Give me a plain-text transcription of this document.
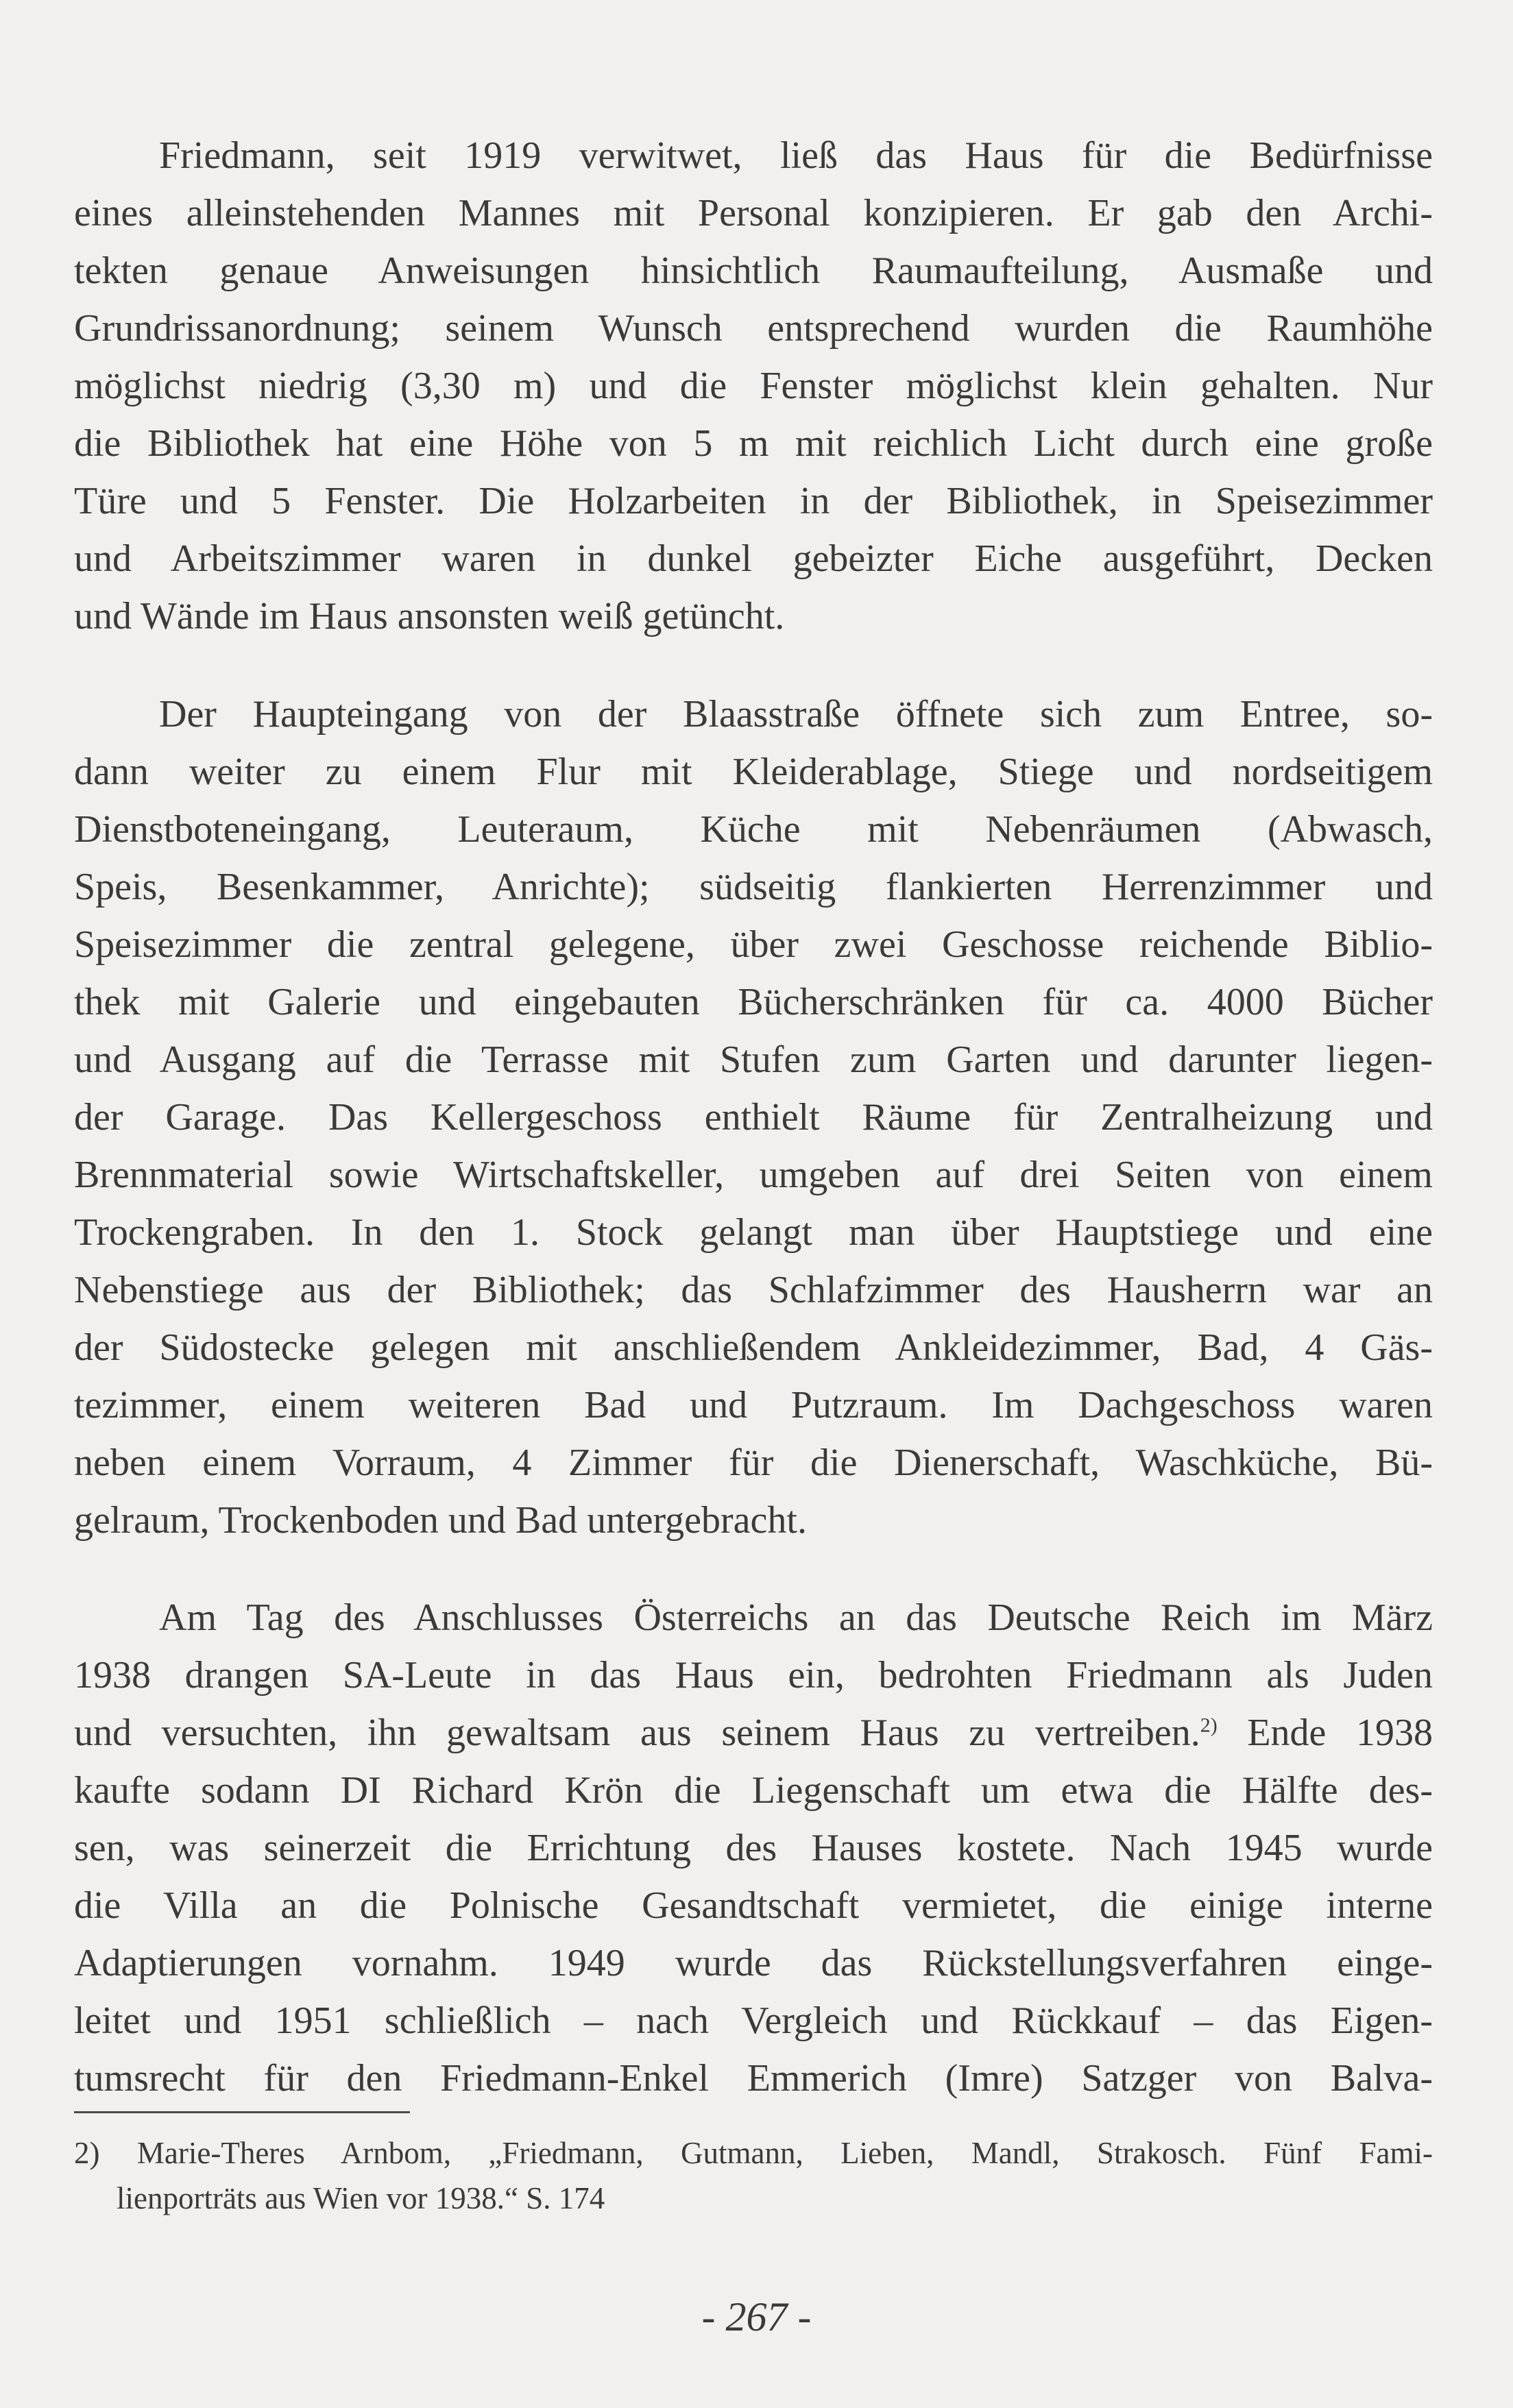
Friedmann, seit 1919 verwitwet, ließ das Haus für die Bedürfnisse
eines alleinstehenden Mannes mit Personal konzipieren. Er gab den Archi-
tekten genaue Anweisungen hinsichtlich Raumaufteilung, Ausmaße und
Grundrissanordnung; seinem Wunsch entsprechend wurden die Raumhöhe
möglichst niedrig (3,30 m) und die Fenster möglichst klein gehalten. Nur
die Bibliothek hat eine Höhe von 5 m mit reichlich Licht durch eine große
Türe und 5 Fenster. Die Holzarbeiten in der Bibliothek, in Speisezimmer
und Arbeitszimmer waren in dunkel gebeizter Eiche ausgeführt, Decken
und Wände im Haus ansonsten weiß getüncht.
Der Haupteingang von der Blaasstraße öffnete sich zum Entree, so-
dann weiter zu einem Flur mit Kleiderablage, Stiege und nordseitigem
Dienstboteneingang, Leuteraum, Küche mit Nebenräumen (Abwasch,
Speis, Besenkammer, Anrichte); südseitig flankierten Herrenzimmer und
Speisezimmer die zentral gelegene, über zwei Geschosse reichende Biblio-
thek mit Galerie und eingebauten Bücherschränken für ca. 4000 Bücher
und Ausgang auf die Terrasse mit Stufen zum Garten und darunter liegen-
der Garage. Das Kellergeschoss enthielt Räume für Zentralheizung und
Brennmaterial sowie Wirtschaftskeller, umgeben auf drei Seiten von einem
Trockengraben. In den 1. Stock gelangt man über Hauptstiege und eine
Nebenstiege aus der Bibliothek; das Schlafzimmer des Hausherrn war an
der Südostecke gelegen mit anschließendem Ankleidezimmer, Bad, 4 Gäs-
tezimmer, einem weiteren Bad und Putzraum. Im Dachgeschoss waren
neben einem Vorraum, 4 Zimmer für die Dienerschaft, Waschküche, Bü-
gelraum, Trockenboden und Bad untergebracht.
Am Tag des Anschlusses Österreichs an das Deutsche Reich im März
1938 drangen SA-Leute in das Haus ein, bedrohten Friedmann als Juden
und versuchten, ihn gewaltsam aus seinem Haus zu vertreiben.$^{2)}$ Ende 1938
kaufte sodann DI Richard Krön die Liegenschaft um etwa die Hälfte des-
sen, was seinerzeit die Errichtung des Hauses kostete. Nach 1945 wurde
die Villa an die Polnische Gesandtschaft vermietet, die einige interne
Adaptierungen vornahm. 1949 wurde das Rückstellungsverfahren einge-
leitet und 1951 schließlich – nach Vergleich und Rückkauf – das Eigen-
tumsrecht für den Friedmann-Enkel Emmerich (Imre) Satzger von Balva-
2) Marie-Theres Arnbom, „Friedmann, Gutmann, Lieben, Mandl, Strakosch. Fünf Fami-
lienporträts aus Wien vor 1938.“ S. 174
- 267 -
